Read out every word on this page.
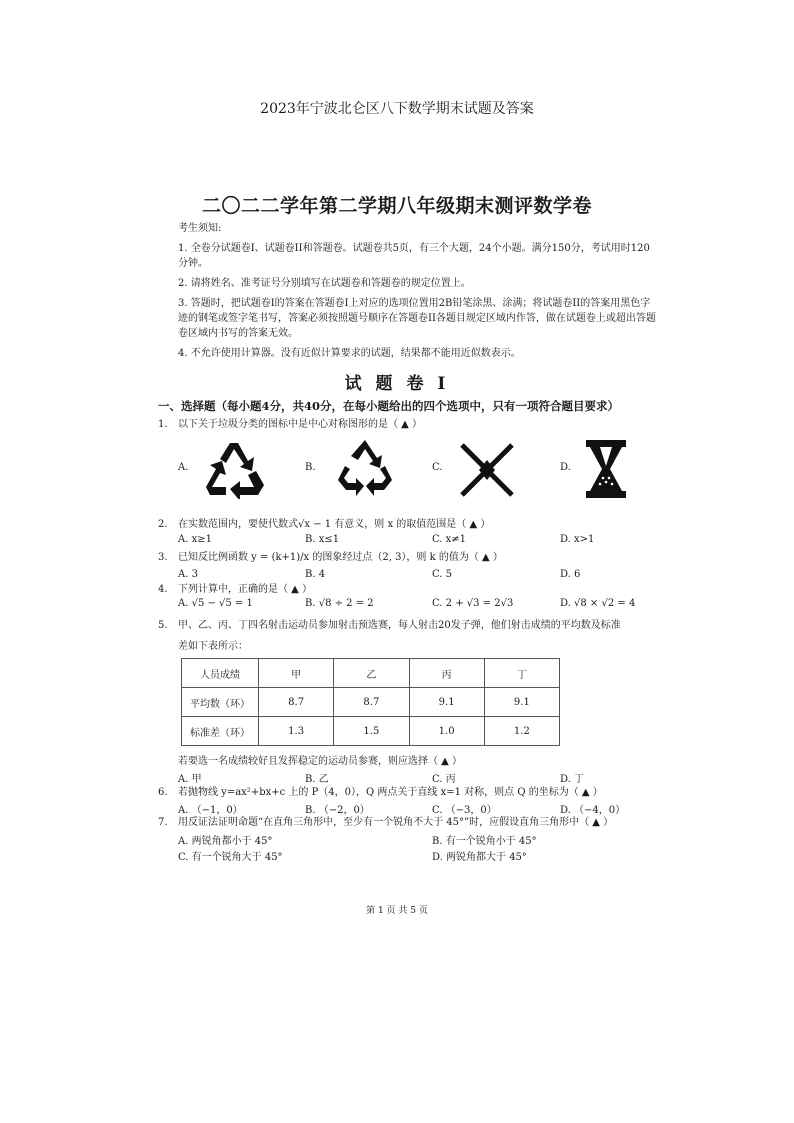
2023年宁波北仑区八下数学期末试题及答案
二〇二二学年第二学期八年级期末测评数学卷

考生须知:

1. 全卷分试题卷I、试题卷II和答题卷。试题卷共5页，有三个大题，24个小题。满分150分，考试用时120分钟。

2. 请将姓名、准考证号分别填写在试题卷和答题卷的规定位置上。

3. 答题时，把试题卷I的答案在答题卷I上对应的选项位置用2B铅笔涂黑、涂满；将试题卷II的答案用黑色字迹的钢笔或签字笔书写，答案必须按照题号顺序在答题卷II各题目规定区域内作答，做在试题卷上或超出答题卷区域内书写的答案无效。

4. 不允许使用计算器。没有近似计算要求的试题，结果都不能用近似数表示。

试 题 卷 I
一、选择题（每小题4分，共40分，在每小题给出的四个选项中，只有一项符合题目要求）
1. 以下关于垃圾分类的图标中是中心对称图形的是（ ▲ ）
A.	B.	C.	D.
2. 在实数范围内，要使代数式√x − 1 有意义，则 x 的取值范围是（ ▲ ）
A. x≥1	B. x≤1	C. x≠1	D. x>1
3. 已知反比例函数 y = (k+1)/x 的图象经过点（2, 3），则 k 的值为（ ▲ ）
A. 3	B. 4	C. 5	D. 6
4. 下列计算中，正确的是（ ▲ ）
A. √5 − √5 = 1	B. √8 ÷ 2 = 2	C. 2 + √3 = 2√3	D. √8 × √2 = 4
5. 甲、乙、丙、丁四名射击运动员参加射击预选赛，每人射击20发子弹，他们射击成绩的平均数及标准
差如下表所示：
人员成绩	甲	乙	丙	丁
平均数（环）	8.7	8.7	9.1	9.1
标准差（环）	1.3	1.5	1.0	1.2
若要选一名成绩较好且发挥稳定的运动员参赛，则应选择（ ▲ ）
A. 甲	B. 乙	C. 丙	D. 丁
6. 若抛物线 y=ax²+bx+c 上的 P（4，0），Q 两点关于直线 x=1 对称，则点 Q 的坐标为（ ▲ ）
A. （−1，0）	B. （−2，0）	C. （−3，0）	D. （−4，0）
7. 用反证法证明命题“在直角三角形中，至少有一个锐角不大于 45°”时，应假设直角三角形中（ ▲ ）
A. 两锐角都小于 45°	B. 有一个锐角小于 45°
C. 有一个锐角大于 45°	D. 两锐角都大于 45°
第 1 页 共 5 页
